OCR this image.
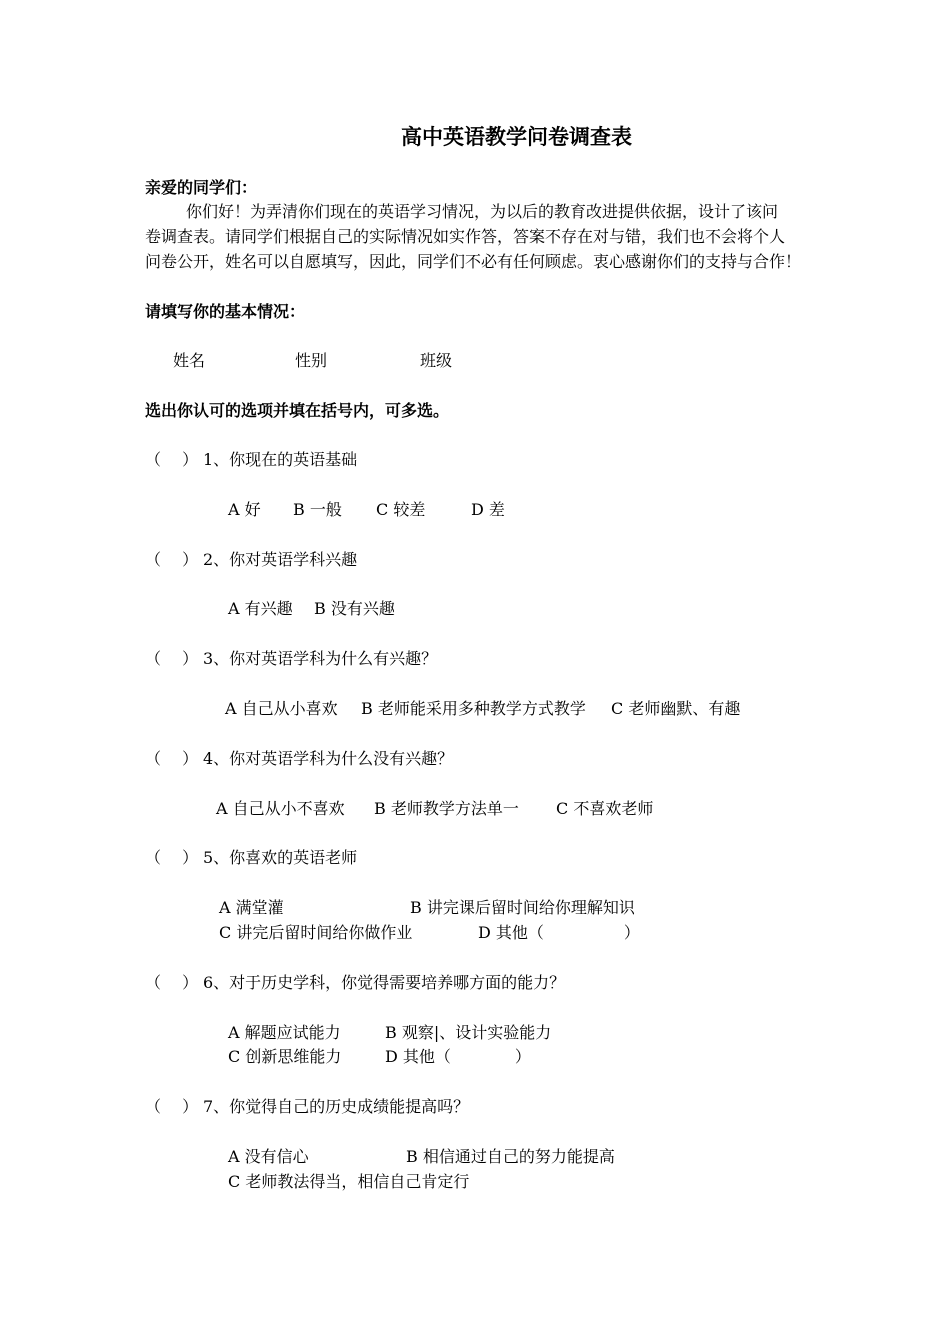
高中英语教学问卷调查表
亲爱的同学们：
你们好！为弄清你们现在的英语学习情况，为以后的教育改进提供依据，设计了该问
卷调查表。请同学们根据自己的实际情况如实作答，答案不存在对与错，我们也不会将个人
问卷公开，姓名可以自愿填写，因此，同学们不必有任何顾虑。衷心感谢你们的支持与合作！
请填写你的基本情况：
姓名	性别	班级
选出你认可的选项并填在括号内，可多选。
（　 ） 1、你现在的英语基础
A 好 B 一般 C 较差	D 差
（　 ） 2、你对英语学科兴趣
A 有兴趣 B 没有兴趣
（　 ） 3、你对英语学科为什么有兴趣？
A 自己从小喜欢 B 老师能采用多种教学方式教学 C 老师幽默、有趣
（　 ） 4、你对英语学科为什么没有兴趣？
A 自己从小不喜欢 B 老师教学方法单一 C 不喜欢老师
（　 ） 5、你喜欢的英语老师
A 满堂灌	B 讲完课后留时间给你理解知识
C 讲完后留时间给你做作业	D 其他（　　　　　）
（　 ） 6、对于历史学科，你觉得需要培养哪方面的能力？
A 解题应试能力	B 观察|、设计实验能力
C 创新思维能力	D 其他（　　　　）
（　 ） 7、你觉得自己的历史成绩能提高吗？
A 没有信心	B 相信通过自己的努力能提高
C 老师教法得当，相信自己肯定行
